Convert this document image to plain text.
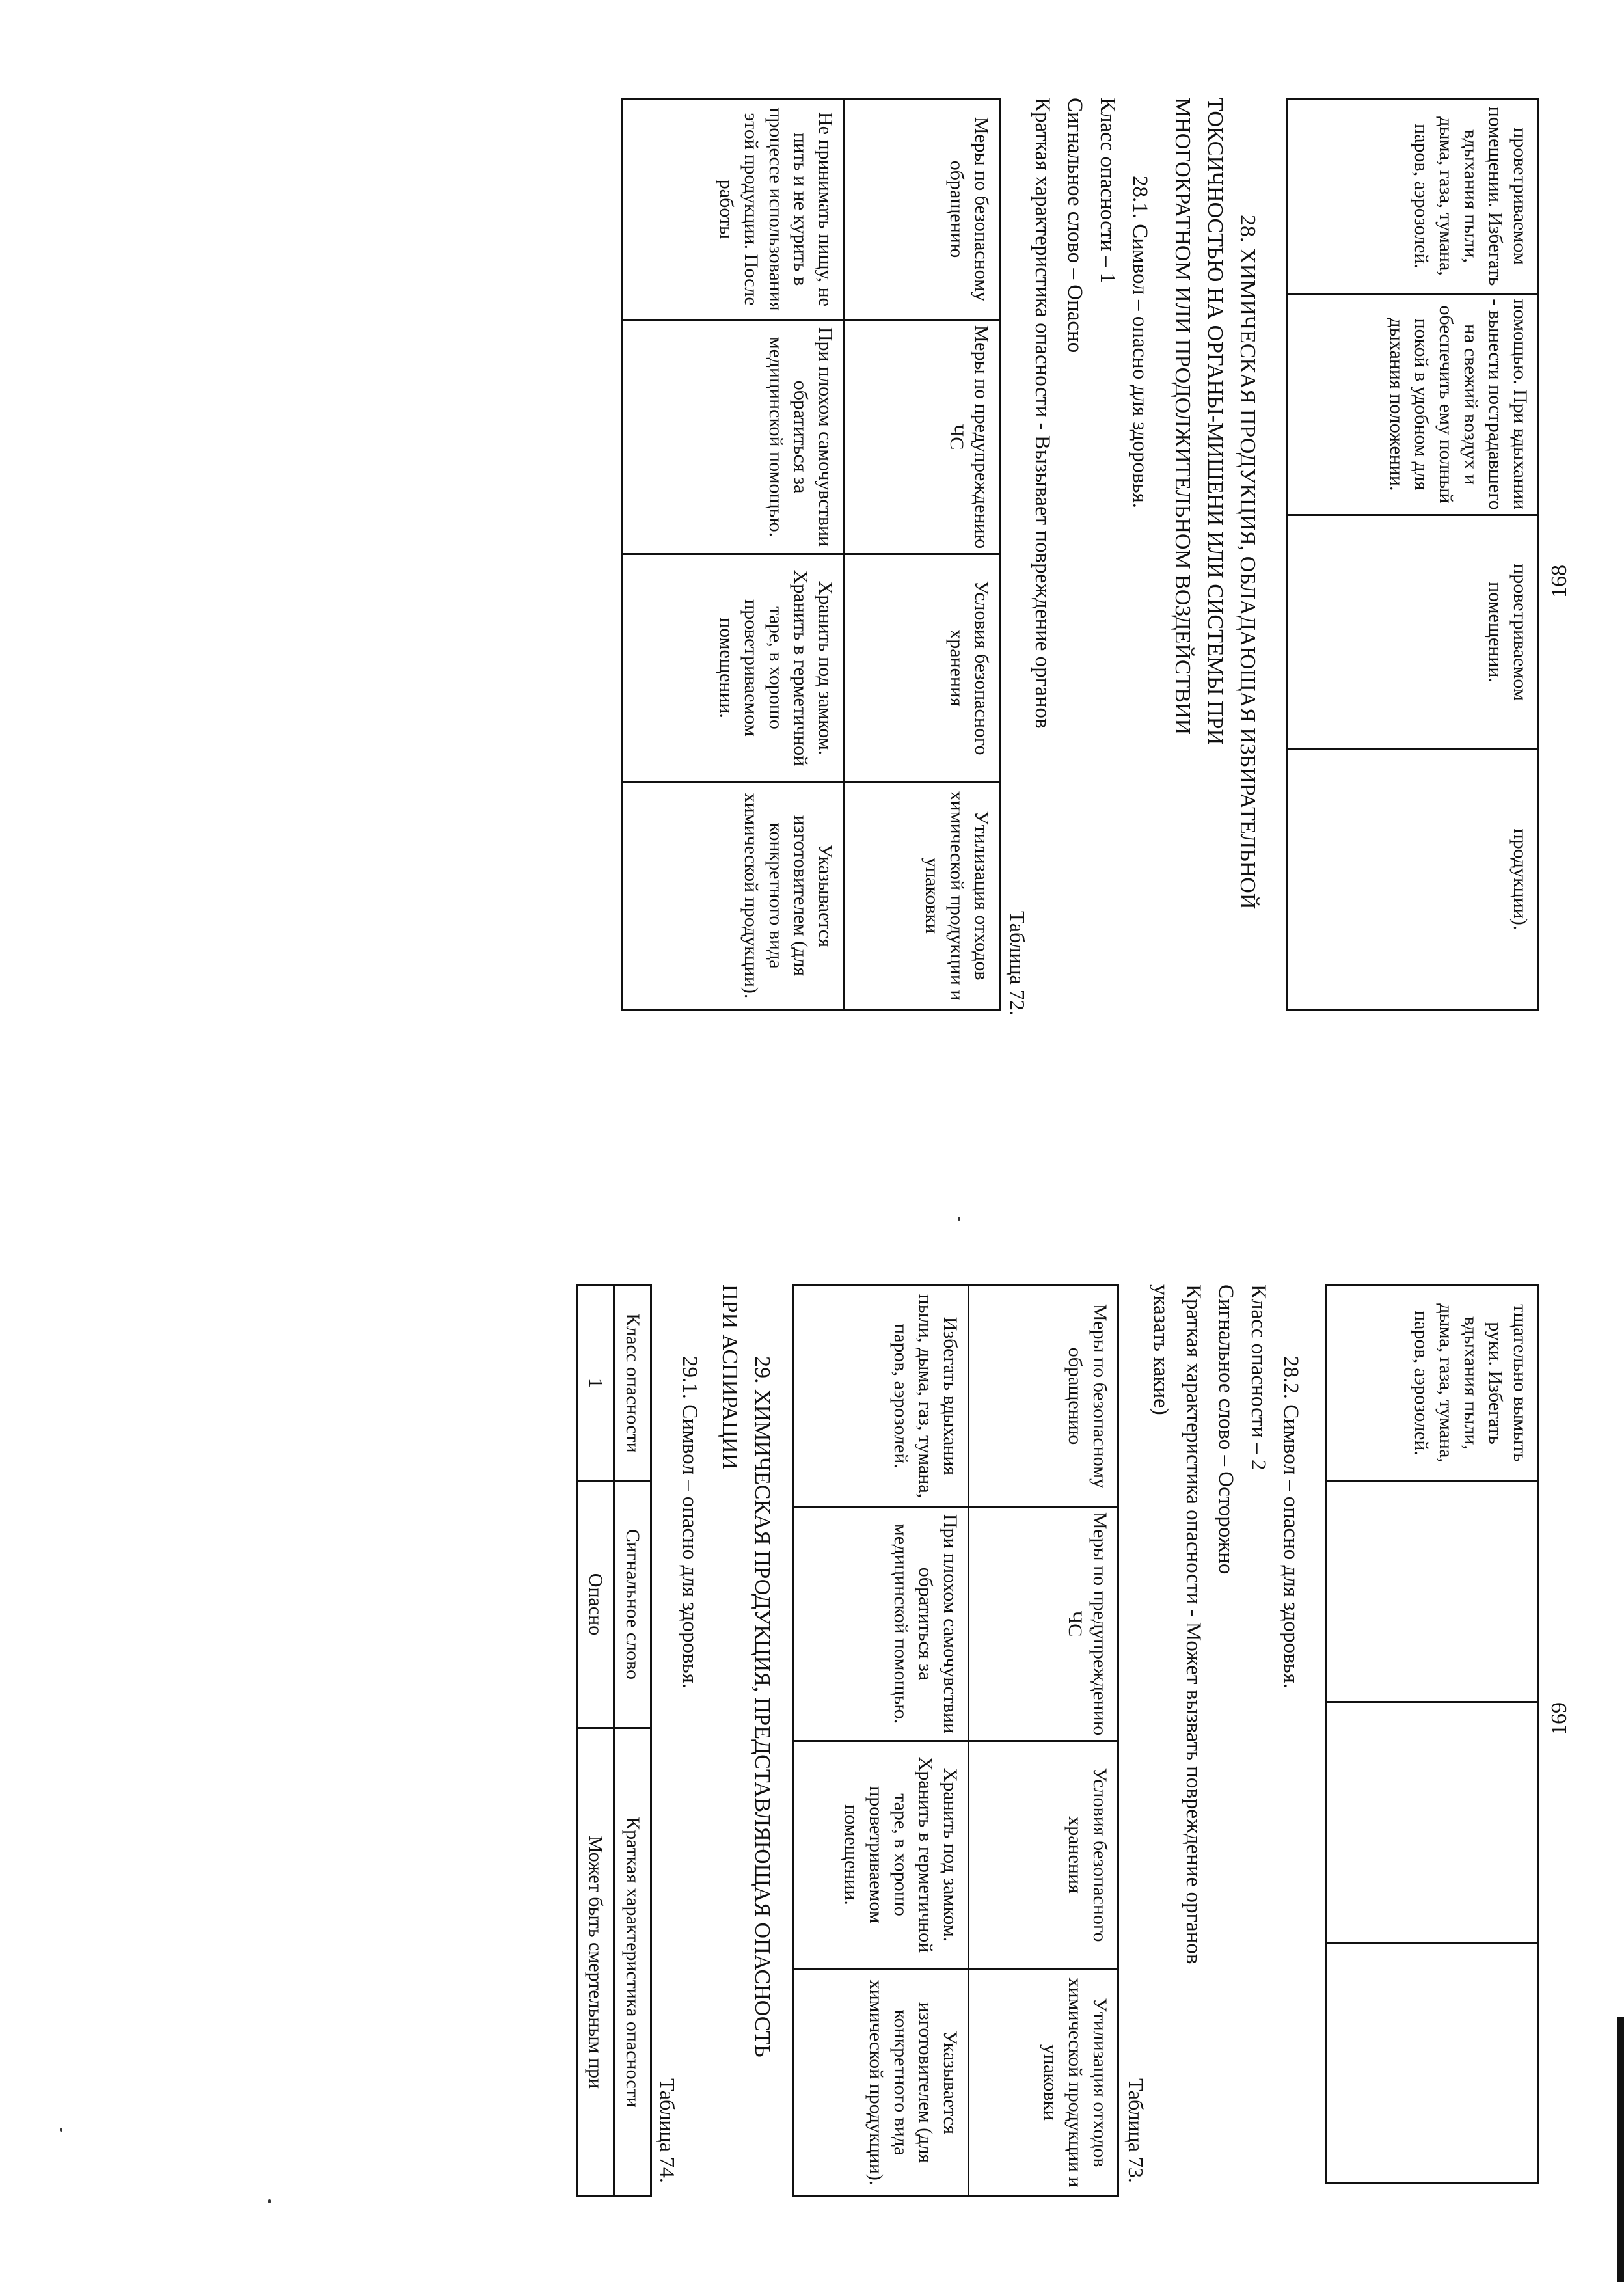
168
проветриваемом помещении. Избегать вдыхания пыли, дыма, газа, тумана, паров, аэрозолей.	помощью. При вдыхании - вынести пострадавшего на свежий воздух и обеспечить ему полный покой в удобном для дыхания положении.	проветриваемом помещении.	продукции).
28. ХИМИЧЕСКАЯ ПРОДУКЦИЯ, ОБЛАДАЮЩАЯ ИЗБИРАТЕЛЬНОЙ
ТОКСИЧНОСТЬЮ НА ОРГАНЫ-МИШЕНИ ИЛИ СИСТЕМЫ ПРИ
МНОГОКРАТНОМ ИЛИ ПРОДОЛЖИТЕЛЬНОМ ВОЗДЕЙСТВИИ
28.1. Символ – опасно для здоровья.
Класс опасности – 1
Сигнальное слово – Опасно
Краткая характеристика опасности - Вызывает повреждение органов
Таблица 72.
Меры по безопасному обращению	Меры по предупреждению ЧС	Условия безопасного хранения	Утилизация отходов химической продукции и упаковки
Не принимать пищу, не пить и не курить в процессе использования этой продукции. После работы	При плохом самочувствии обратиться за медицинской помощью.	Хранить под замком. Хранить в герметичной таре, в хорошо проветриваемом помещении.	Указывается изготовителем (для конкретного вида химической продукции).
169
тщательно вымыть руки. Избегать вдыхания пыли, дыма, газа, тумана, паров, аэрозолей.			
28.2. Символ – опасно для здоровья.
Класс опасности – 2
Сигнальное слово – Осторожно
Краткая характеристика опасности - Может вызвать повреждение органов
указать какие)
Таблица 73.
Меры по безопасному обращению	Меры по предупреждению ЧС	Условия безопасного хранения	Утилизация отходов химической продукции и упаковки
Избегать вдыхания пыли, дыма, газ, тумана, паров, аэрозолей.	При плохом самочувствии обратиться за медицинской помощью.	Хранить под замком. Хранить в герметичной таре, в хорошо проветриваемом помещении.	Указывается изготовителем (для конкретного вида химической продукции).
29. ХИМИЧЕСКАЯ ПРОДУКЦИЯ, ПРЕДСТАВЛЯЮЩАЯ ОПАСНОСТЬ
ПРИ АСПИРАЦИИ
29.1. Символ – опасно для здоровья.
Таблица 74.
Класс опасности	Сигнальное слово	Краткая характеристика опасности
1	Опасно	Может быть смертельным при
